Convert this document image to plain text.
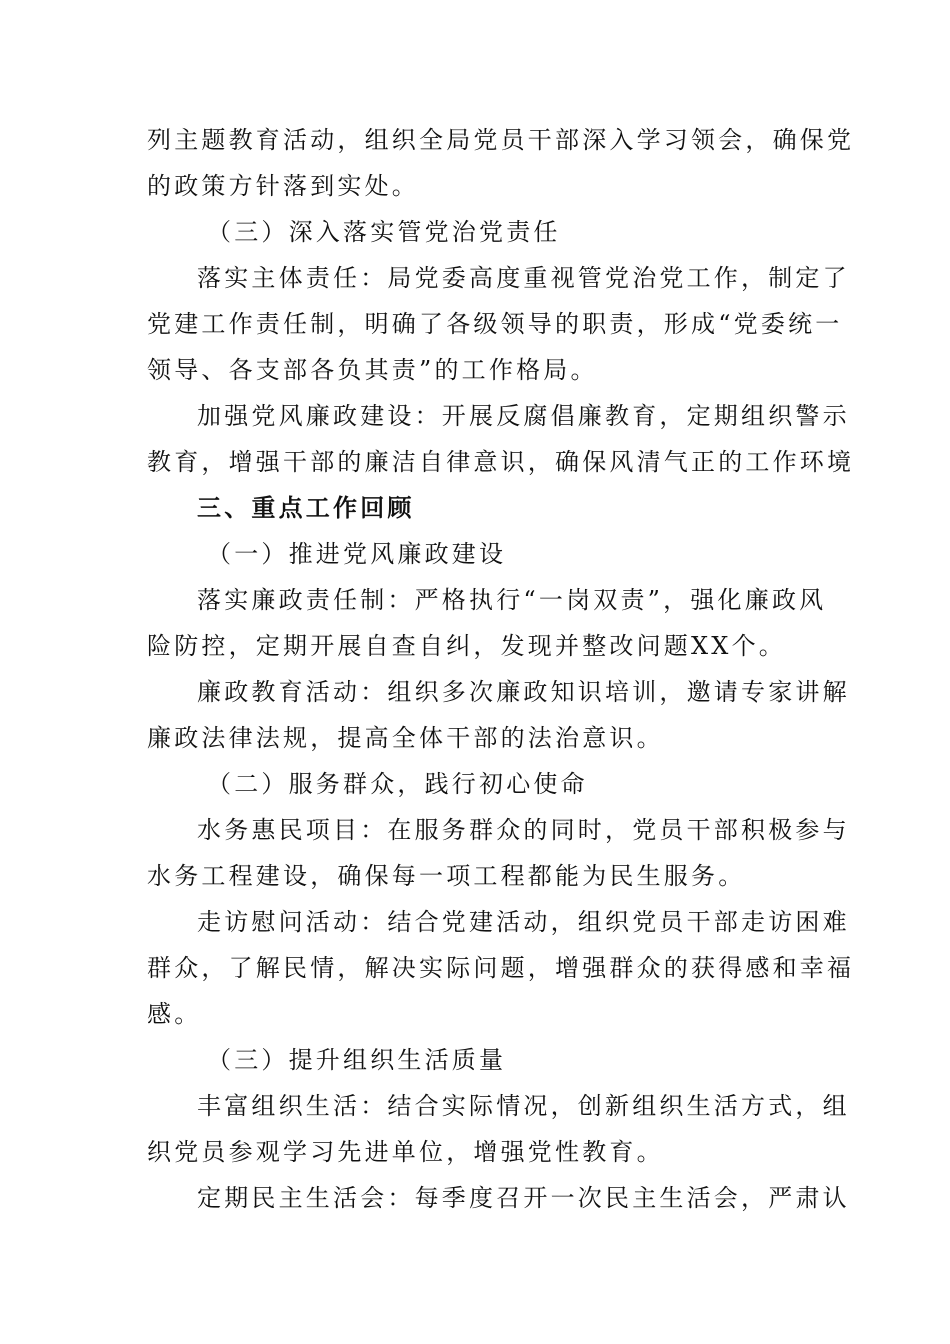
列主题教育活动，组织全局党员干部深入学习领会，确保党
的政策方针落到实处。
（三）深入落实管党治党责任
落实主体责任：局党委高度重视管党治党工作，制定了
党建工作责任制，明确了各级领导的职责，形成“党委统一
领导、各支部各负其责”的工作格局。
加强党风廉政建设：开展反腐倡廉教育，定期组织警示
教育，增强干部的廉洁自律意识，确保风清气正的工作环境
三、重点工作回顾
（一）推进党风廉政建设
落实廉政责任制：严格执行“一岗双责”，强化廉政风
险防控，定期开展自查自纠，发现并整改问题XX个。
廉政教育活动：组织多次廉政知识培训，邀请专家讲解
廉政法律法规，提高全体干部的法治意识。
（二）服务群众，践行初心使命
水务惠民项目：在服务群众的同时，党员干部积极参与
水务工程建设，确保每一项工程都能为民生服务。
走访慰问活动：结合党建活动，组织党员干部走访困难
群众，了解民情，解决实际问题，增强群众的获得感和幸福
感。
（三）提升组织生活质量
丰富组织生活：结合实际情况，创新组织生活方式，组
织党员参观学习先进单位，增强党性教育。
定期民主生活会：每季度召开一次民主生活会，严肃认
